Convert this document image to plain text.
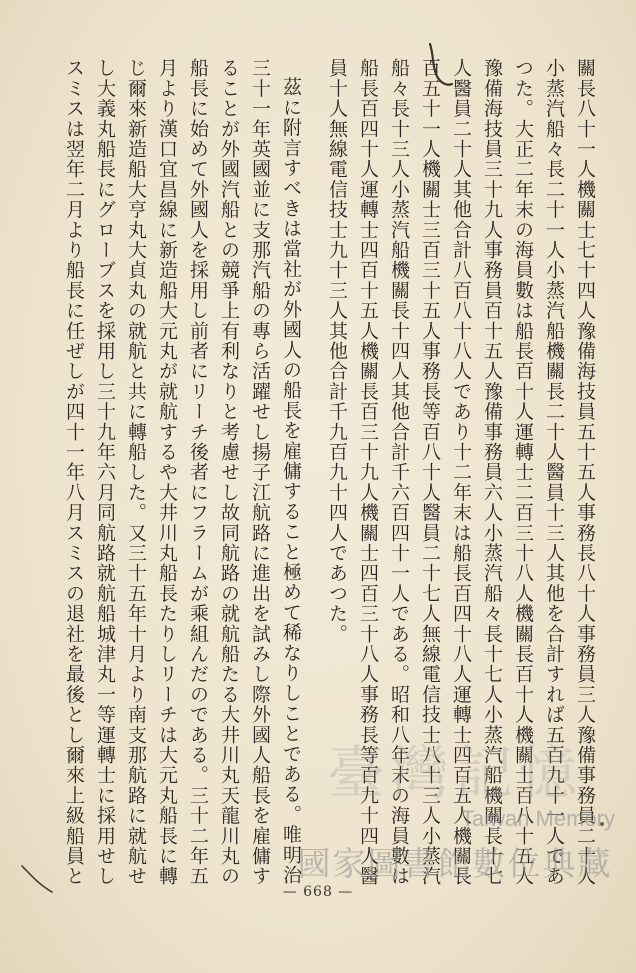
關長八十一人機關士七十四人豫備海技員五十五人事務長八十人事務員三人豫備事務員二十人
小蒸汽船々長二十一人小蒸汽船機關長二十人醫員十三人其他を合計すれば五百九十一人であ
つた。大正二年末の海員數は船長百十人運轉士二百三十八人機關長百十人機關士百八十五人
豫備海技員三十九人事務員百十五人豫備事務員六人小蒸汽船々長十七人小蒸汽船機關長十七
人醫員二十人其他合計八百八十八人であり十二年末は船長百四十八人運轉士四百五人機關長
百五十一人機關士三百三十五人事務長等百八十人醫員二十七人無線電信技士八十三人小蒸汽
船々長十三人小蒸汽船機關長十四人其他合計千六百四十一人である。昭和八年末の海員數は
船長百四十人運轉士四百十五人機關長百三十九人機關士四百三十八人事務長等百九十四人醫
員十人無線電信技士九十三人其他合計千九百九十四人であつた。
茲に附言すべきは當社が外國人の船長を雇傭すること極めて稀なりしことである。唯明治
三十一年英國並に支那汽船の專ら活躍せし揚子江航路に進出を試みし際外國人船長を雇傭す
ることが外國汽船との競爭上有利なりと考慮せし故同航路の就航船たる大井川丸天龍川丸の
船長に始めて外國人を採用し前者にリーチ後者にフラームが乘組んだのである。三十二年五
月より漢口宜昌線に新造船大元丸が就航するや大井川丸船長たりしリーチは大元丸船長に轉
じ爾來新造船大亨丸大貞丸の就航と共に轉船した。又三十五年十月より南支那航路に就航せ
し大義丸船長にグローブスを採用し三十九年六月同航路就航船城津丸一等運轉士に採用せし
スミスは翌年二月より船長に任ぜしが四十一年八月スミスの退社を最後とし爾來上級船員と
— 668 —
臺灣記憶
Taiwan Memory
國家圖書館數位典藏
